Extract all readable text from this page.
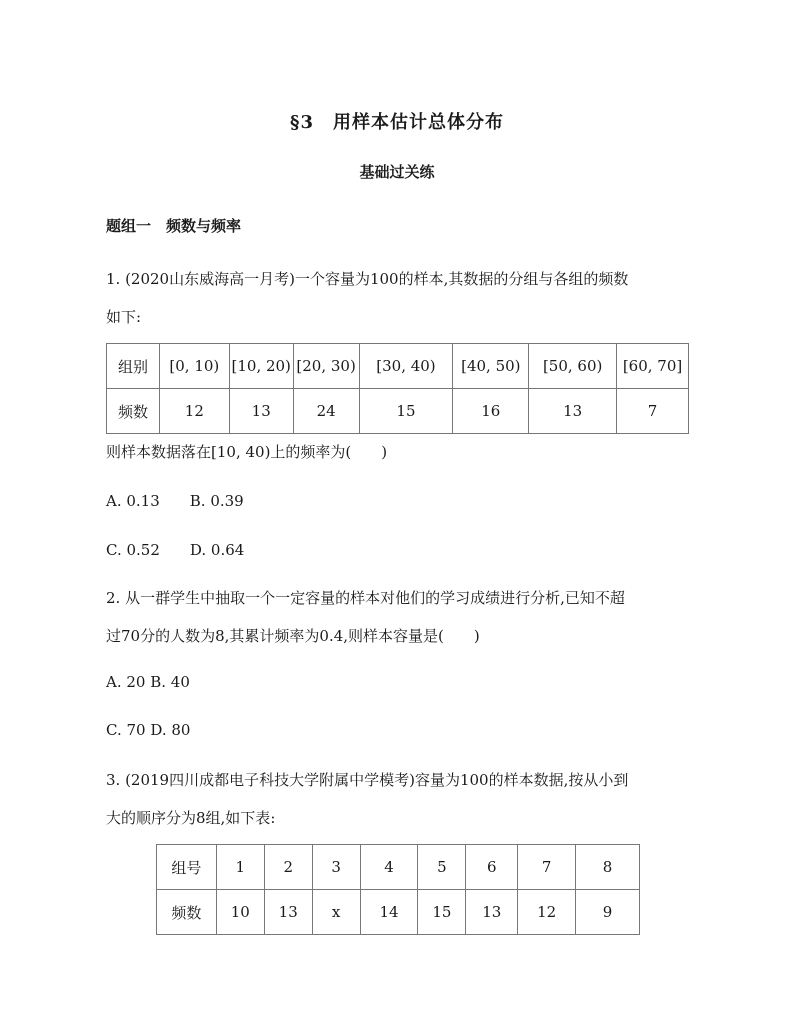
§3　用样本估计总体分布
基础过关练
题组一　频数与频率
1. (2020山东威海高一月考)一个容量为100的样本,其数据的分组与各组的频数
如下:
组别	[0, 10)	[10, 20)	[20, 30)	[30, 40)	[40, 50)	[50, 60)	[60, 70]
频数	12	13	24	15	16	13	7
则样本数据落在[10, 40)上的频率为(　　)
A. 0.13　　B. 0.39
C. 0.52　　D. 0.64
2. 从一群学生中抽取一个一定容量的样本对他们的学习成绩进行分析,已知不超
过70分的人数为8,其累计频率为0.4,则样本容量是(　　)
A. 20 B. 40
C. 70 D. 80
3. (2019四川成都电子科技大学附属中学模考)容量为100的样本数据,按从小到
大的顺序分为8组,如下表:
组号	1	2	3	4	5	6	7	8
频数	10	13	x	14	15	13	12	9
